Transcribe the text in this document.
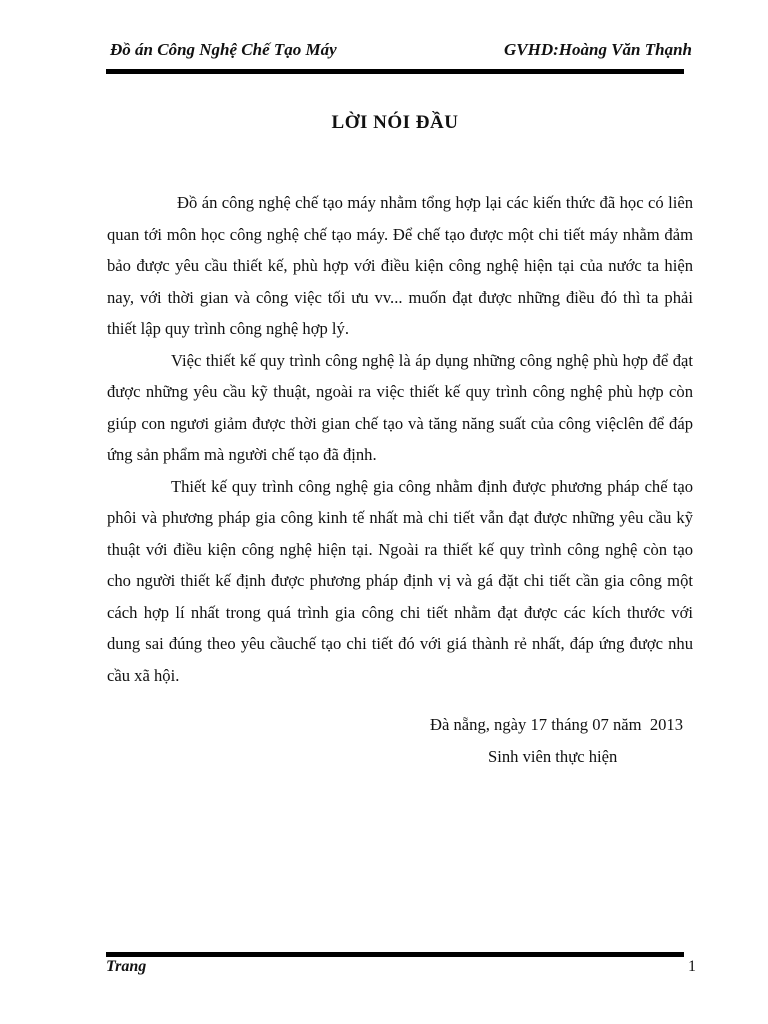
Đồ án Công Nghệ Chế Tạo Máy	GVHD:Hoàng Văn Thạnh
LỜI NÓI ĐẦU

Đồ án công nghệ chế tạo máy nhằm tổng hợp lại các kiến thức đã học có liên quan tới môn học công nghệ chế tạo máy. Để chế tạo được một chi tiết máy nhằm đảm bảo được yêu cầu thiết kế, phù hợp với điều kiện công nghệ hiện tại của nước ta hiện nay, với thời gian và công việc tối ưu vv... muốn đạt được những điều đó thì ta phải thiết lập quy trình công nghệ hợp lý.

Việc thiết kế quy trình công nghệ là áp dụng những công nghệ phù hợp để đạt được những yêu cầu kỹ thuật, ngoài ra việc thiết kế quy trình công nghệ phù hợp còn giúp con ngươi giảm được thời gian chế tạo và tăng năng suất của công việclên để đáp ứng sản phẩm mà người chế tạo đã định.

Thiết kế quy trình công nghệ gia công nhằm định được phương pháp chế tạo phôi và phương pháp gia công kinh tế nhất mà chi tiết vẫn đạt được những yêu cầu kỹ thuật với điều kiện công nghệ hiện tại. Ngoài ra thiết kế quy trình công nghệ còn tạo cho người thiết kế định được phương pháp định vị và gá đặt chi tiết cần gia công một cách hợp lí nhất trong quá trình gia công chi tiết nhằm đạt được các kích thước với dung sai đúng theo yêu cầuchế tạo chi tiết đó với giá thành rẻ nhất, đáp ứng được nhu cầu xã hội.

Đà nẵng, ngày 17 tháng 07 năm  2013
Sinh viên thực hiện
Trang	1
